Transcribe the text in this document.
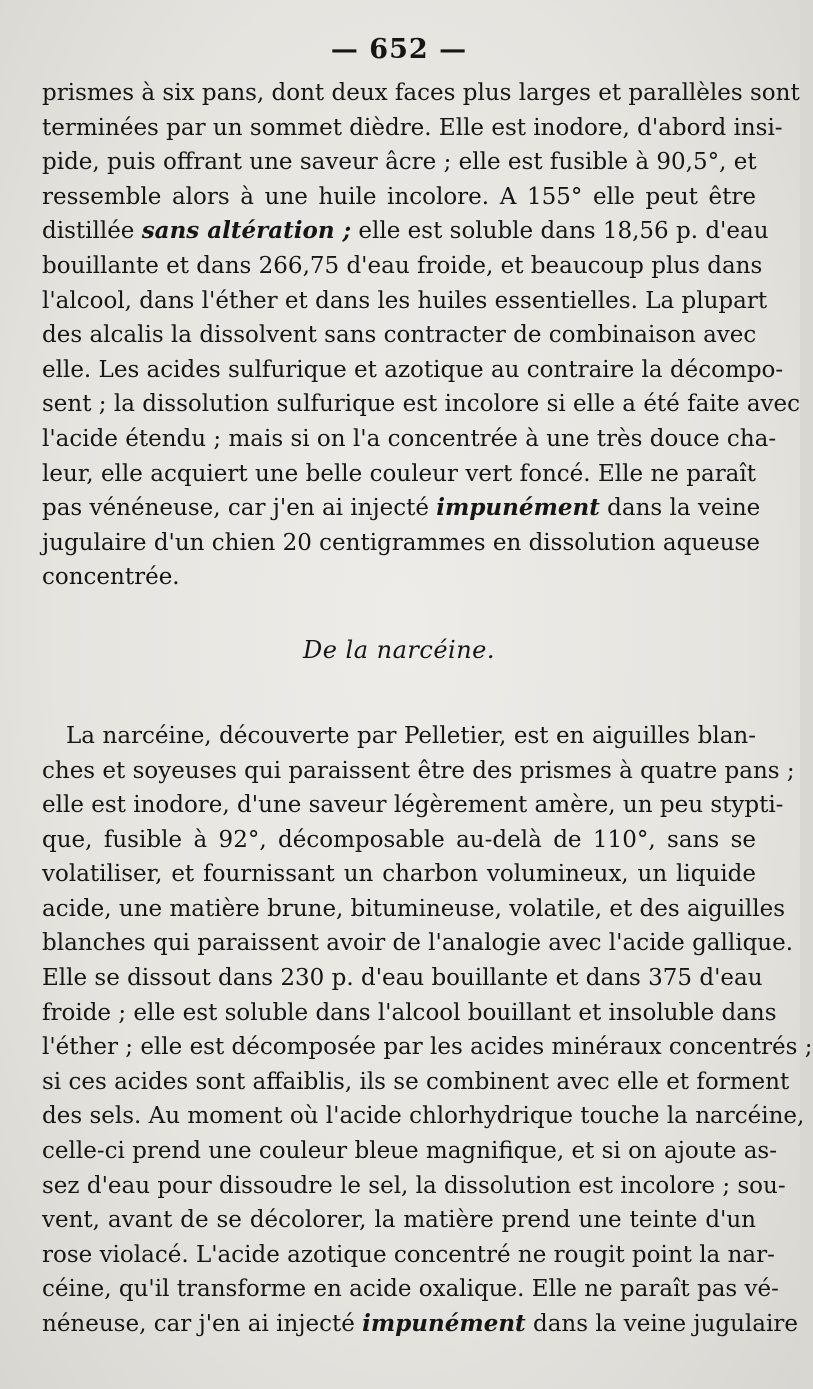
— 652 —
prismes à six pans, dont deux faces plus larges et parallèles sont
terminées par un sommet dièdre. Elle est inodore, d'abord insi-
pide, puis offrant une saveur âcre ; elle est fusible à 90,5°, et
ressemble alors à une huile incolore. A 155° elle peut être
distillée sans altération ; elle est soluble dans 18,56 p. d'eau
bouillante et dans 266,75 d'eau froide, et beaucoup plus dans
l'alcool, dans l'éther et dans les huiles essentielles. La plupart
des alcalis la dissolvent sans contracter de combinaison avec
elle. Les acides sulfurique et azotique au contraire la décompo-
sent ; la dissolution sulfurique est incolore si elle a été faite avec
l'acide étendu ; mais si on l'a concentrée à une très douce cha-
leur, elle acquiert une belle couleur vert foncé. Elle ne paraît
pas vénéneuse, car j'en ai injecté impunément dans la veine
jugulaire d'un chien 20 centigrammes en dissolution aqueuse
concentrée.
De la narcéine.
La narcéine, découverte par Pelletier, est en aiguilles blan-
ches et soyeuses qui paraissent être des prismes à quatre pans ;
elle est inodore, d'une saveur légèrement amère, un peu stypti-
que, fusible à 92°, décomposable au-delà de 110°, sans se
volatiliser, et fournissant un charbon volumineux, un liquide
acide, une matière brune, bitumineuse, volatile, et des aiguilles
blanches qui paraissent avoir de l'analogie avec l'acide gallique.
Elle se dissout dans 230 p. d'eau bouillante et dans 375 d'eau
froide ; elle est soluble dans l'alcool bouillant et insoluble dans
l'éther ; elle est décomposée par les acides minéraux concentrés ;
si ces acides sont affaiblis, ils se combinent avec elle et forment
des sels. Au moment où l'acide chlorhydrique touche la narcéine,
celle-ci prend une couleur bleue magnifique, et si on ajoute as-
sez d'eau pour dissoudre le sel, la dissolution est incolore ; sou-
vent, avant de se décolorer, la matière prend une teinte d'un
rose violacé. L'acide azotique concentré ne rougit point la nar-
céine, qu'il transforme en acide oxalique. Elle ne paraît pas vé-
néneuse, car j'en ai injecté impunément dans la veine jugulaire
